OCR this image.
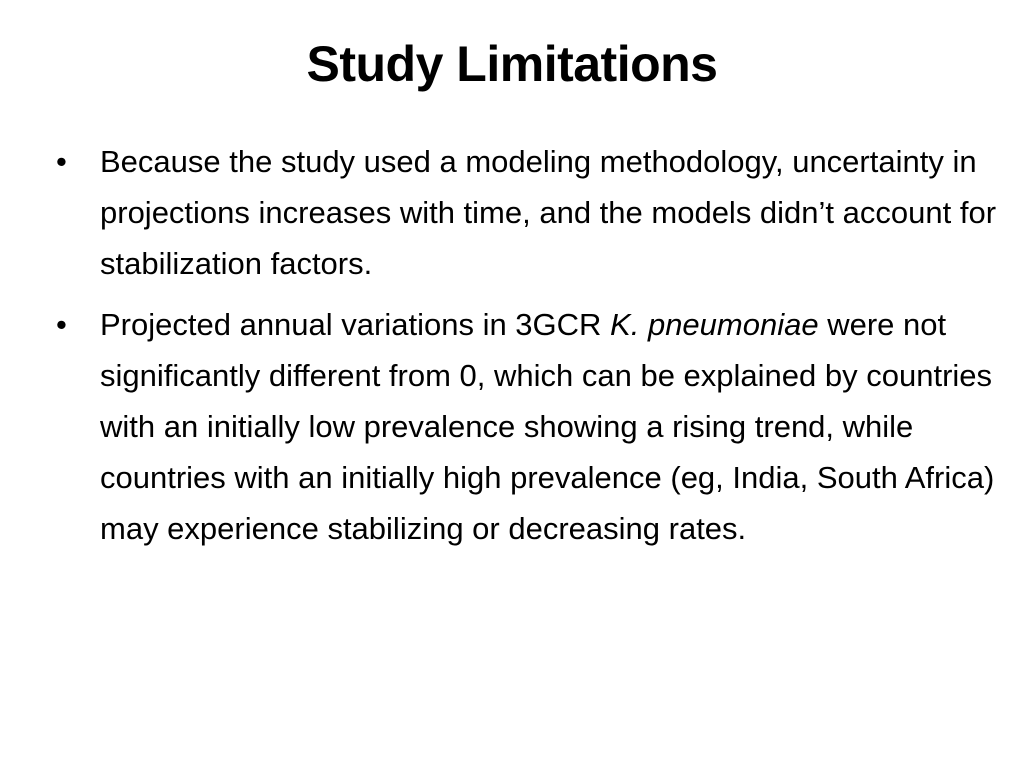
Study Limitations
•	Because the study used a modeling methodology, uncertainty in projections increases with time, and the models didn’t account for stabilization factors.
•	Projected annual variations in 3GCR K. pneumoniae were not significantly different from 0, which can be explained by countries with an initially low prevalence showing a rising trend, while countries with an initially high prevalence (eg, India, South Africa) may experience stabilizing or decreasing rates.
